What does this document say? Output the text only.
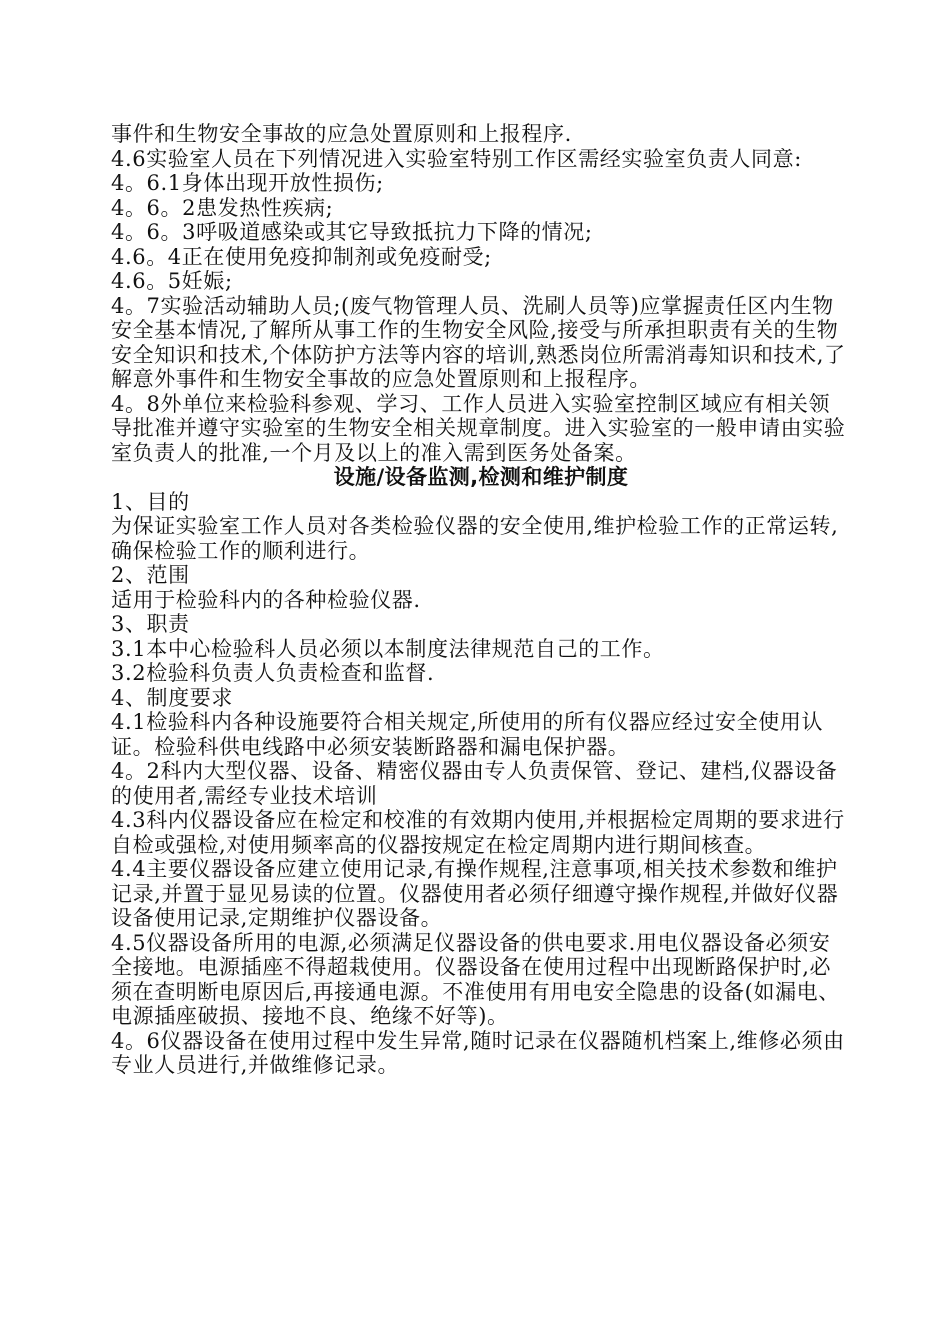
事件和生物安全事故的应急处置原则和上报程序.

4.6实验室人员在下列情况进入实验室特别工作区需经实验室负责人同意:

4。6.1身体出现开放性损伤;

4。6。2患发热性疾病;

4。6。3呼吸道感染或其它导致抵抗力下降的情况;

4.6。4正在使用免疫抑制剂或免疫耐受;

4.6。5妊娠;

4。7实验活动辅助人员;(废气物管理人员、洗刷人员等)应掌握责任区内生物安全基本情况,了解所从事工作的生物安全风险,接受与所承担职责有关的生物安全知识和技术,个体防护方法等内容的培训,熟悉岗位所需消毒知识和技术,了解意外事件和生物安全事故的应急处置原则和上报程序。

4。8外单位来检验科参观、学习、工作人员进入实验室控制区域应有相关领导批准并遵守实验室的生物安全相关规章制度。进入实验室的一般申请由实验室负责人的批准,一个月及以上的准入需到医务处备案。

设施/设备监测,检测和维护制度

1、目的

为保证实验室工作人员对各类检验仪器的安全使用,维护检验工作的正常运转,确保检验工作的顺利进行。

2、范围

适用于检验科内的各种检验仪器.

3、职责

3.1本中心检验科人员必须以本制度法律规范自己的工作。

3.2检验科负责人负责检查和监督.

4、制度要求

4.1检验科内各种设施要符合相关规定,所使用的所有仪器应经过安全使用认证。检验科供电线路中必须安装断路器和漏电保护器。

4。2科内大型仪器、设备、精密仪器由专人负责保管、登记、建档,仪器设备的使用者,需经专业技术培训

4.3科内仪器设备应在检定和校准的有效期内使用,并根据检定周期的要求进行自检或强检,对使用频率高的仪器按规定在检定周期内进行期间核查。

4.4主要仪器设备应建立使用记录,有操作规程,注意事项,相关技术参数和维护记录,并置于显见易读的位置。仪器使用者必须仔细遵守操作规程,并做好仪器设备使用记录,定期维护仪器设备。

4.5仪器设备所用的电源,必须满足仪器设备的供电要求.用电仪器设备必须安全接地。电源插座不得超栽使用。仪器设备在使用过程中出现断路保护时,必须在查明断电原因后,再接通电源。不准使用有用电安全隐患的设备(如漏电、电源插座破损、接地不良、绝缘不好等)。

4。6仪器设备在使用过程中发生异常,随时记录在仪器随机档案上,维修必须由专业人员进行,并做维修记录。
